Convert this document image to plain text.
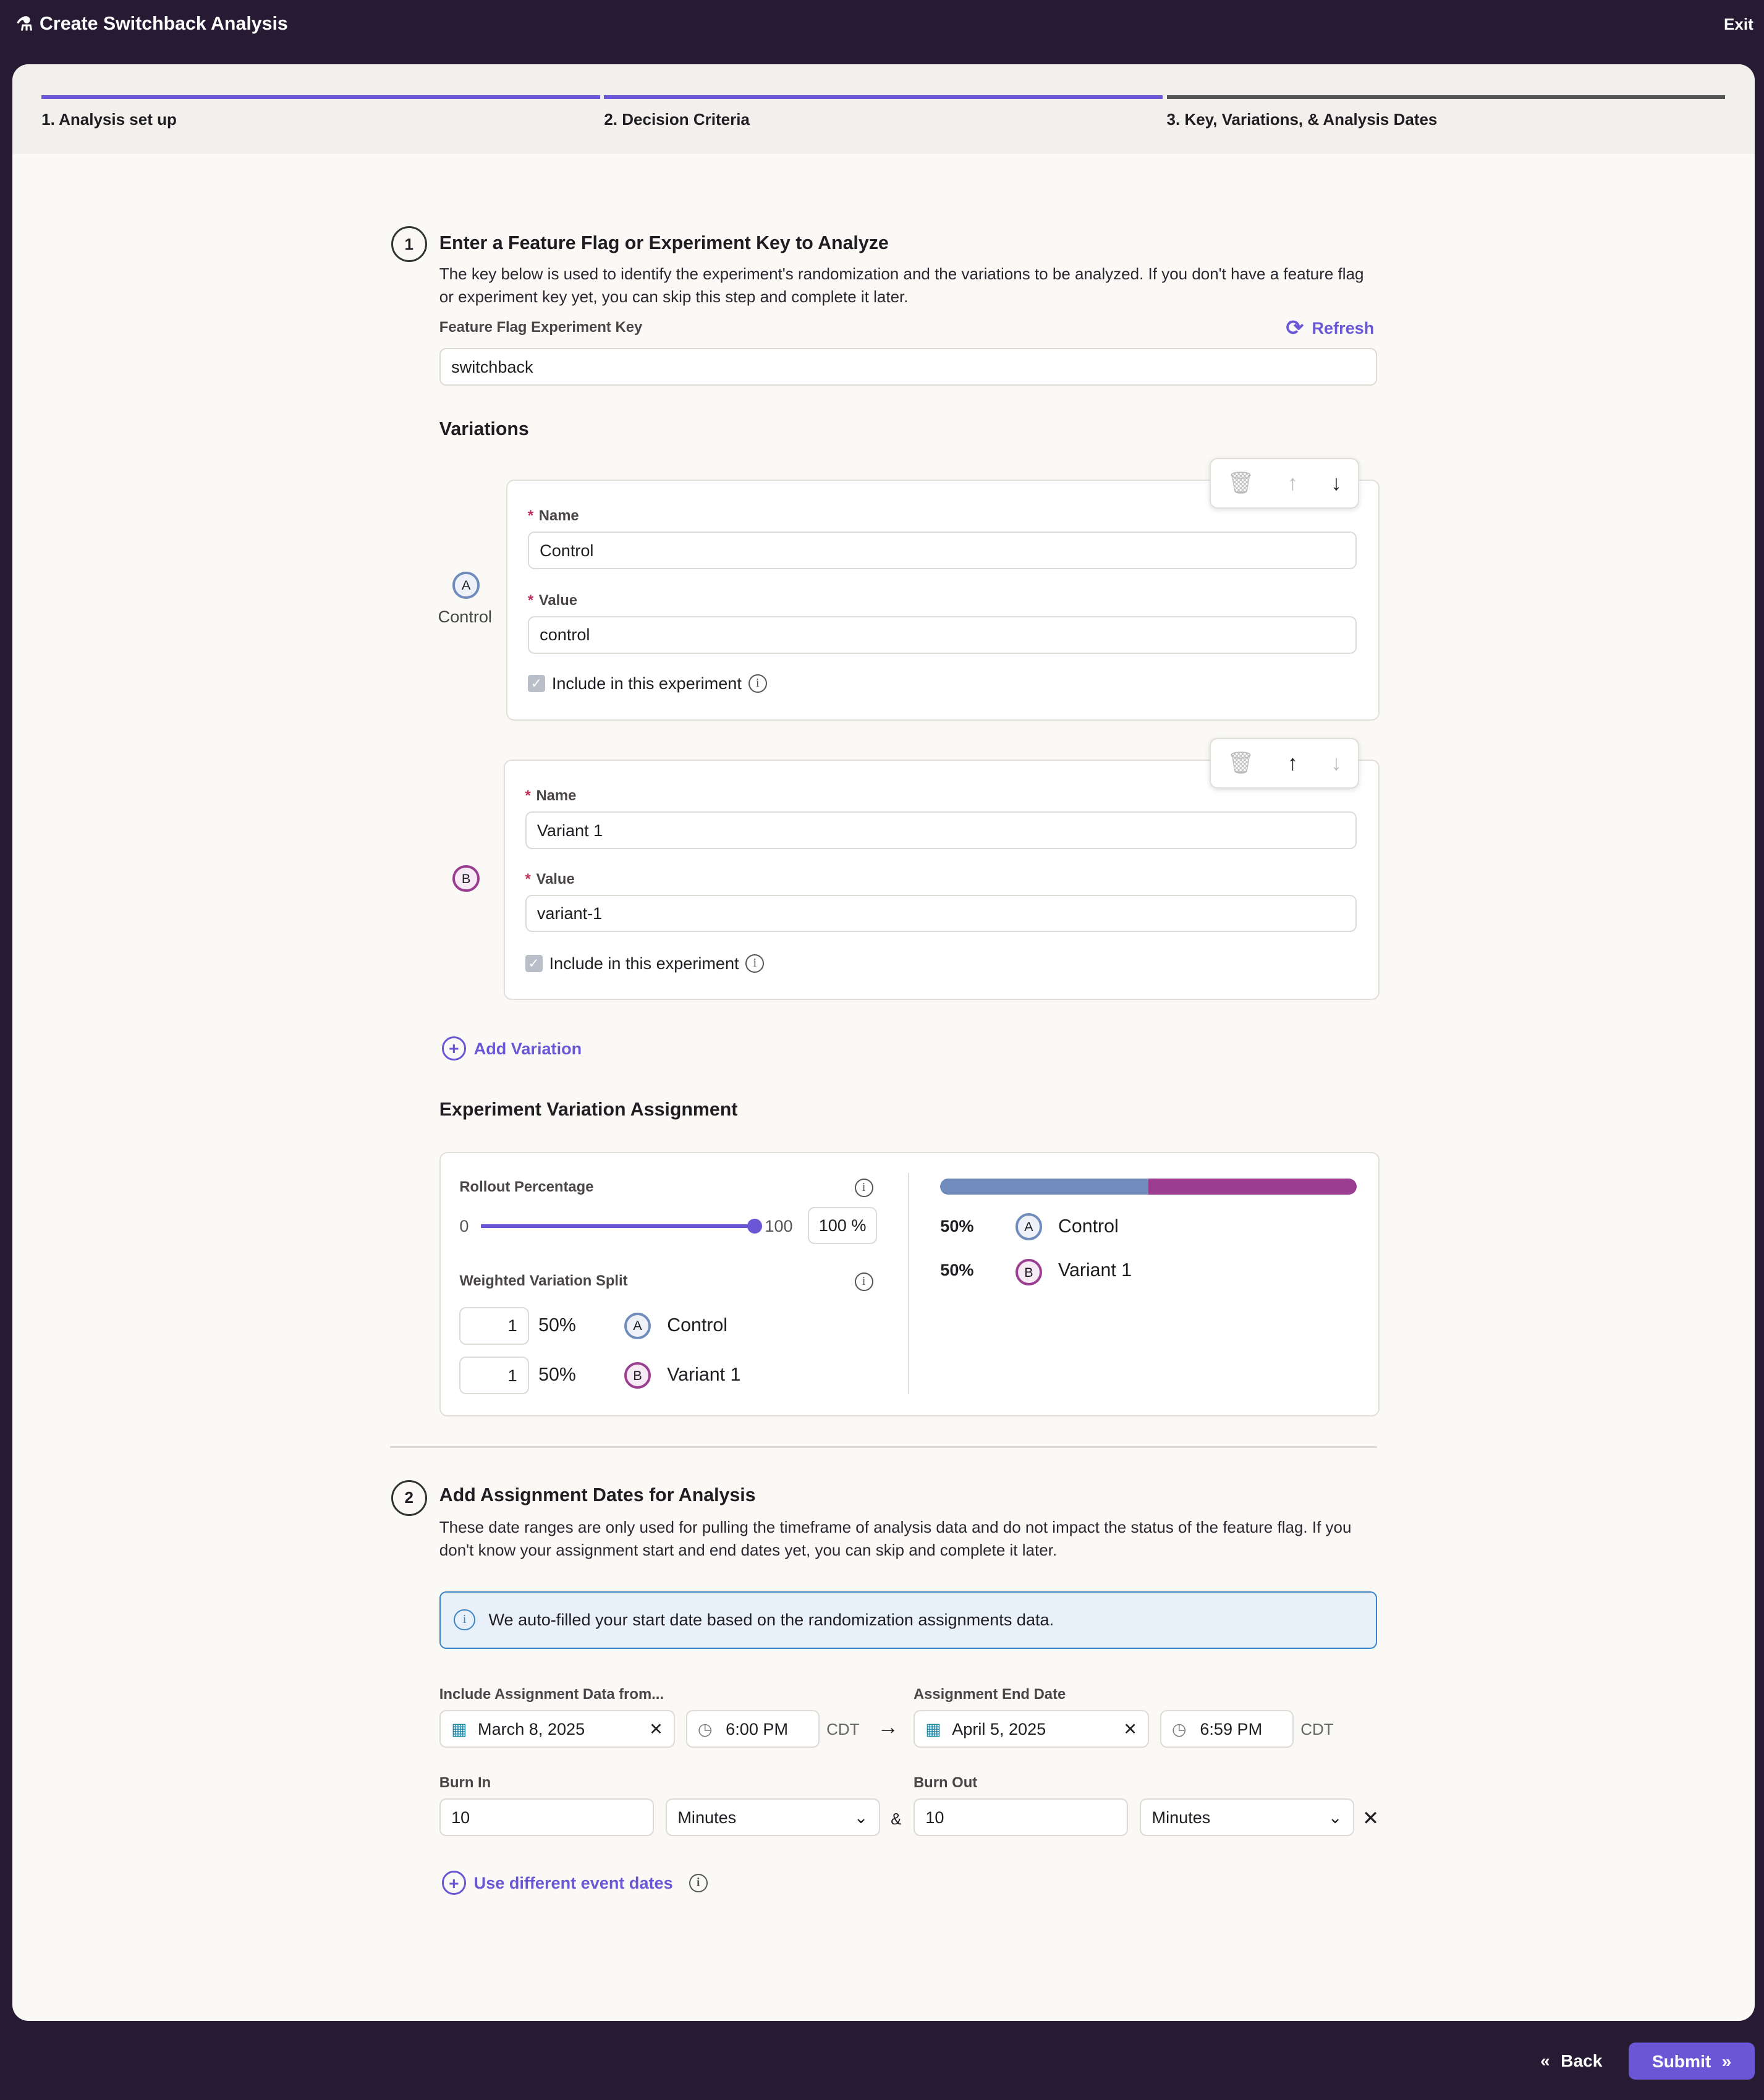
⚗ Create Switchback Analysis	Exit
1. Analysis set up	2. Decision Criteria	3. Key, Variations, & Analysis Dates
1	Enter a Feature Flag or Experiment Key to Analyze
The key below is used to identify the experiment's randomization and the variations to be analyzed. If you don't have a feature flag or experiment key yet, you can skip this step and complete it later.
Feature Flag Experiment Key	⟳ Refresh
switchback
Variations
A
Control
🗑	↑	↓
* Name
Control
* Value
control
✓	Include in this experiment	i
B
🗑	↑	↓
* Name
Variant 1
* Value
variant-1
✓	Include in this experiment	i
+	Add Variation
Experiment Variation Assignment
Rollout Percentage	i
0	100	100
%
Weighted Variation Split	i
1	50%	A	Control
1	50%	B	Variant 1
50%	A	Control
50%	B	Variant 1
2	Add Assignment Dates for Analysis
These date ranges are only used for pulling the timeframe of analysis data and do not impact the status of the feature flag. If you don't know your assignment start and end dates yet, you can skip and complete it later.
i	We auto-filled your start date based on the randomization assignments data.
Include Assignment Data from...
▦ March 8, 2025	✕	◷ 6:00 PM	CDT →
Assignment End Date
▦ April 5, 2025	✕	◷ 6:59 PM	CDT
Burn In
10	Minutes	⌄	&
Burn Out
10	Minutes	⌄ ✕
+	Use different event dates	i
« Back	Submit »
